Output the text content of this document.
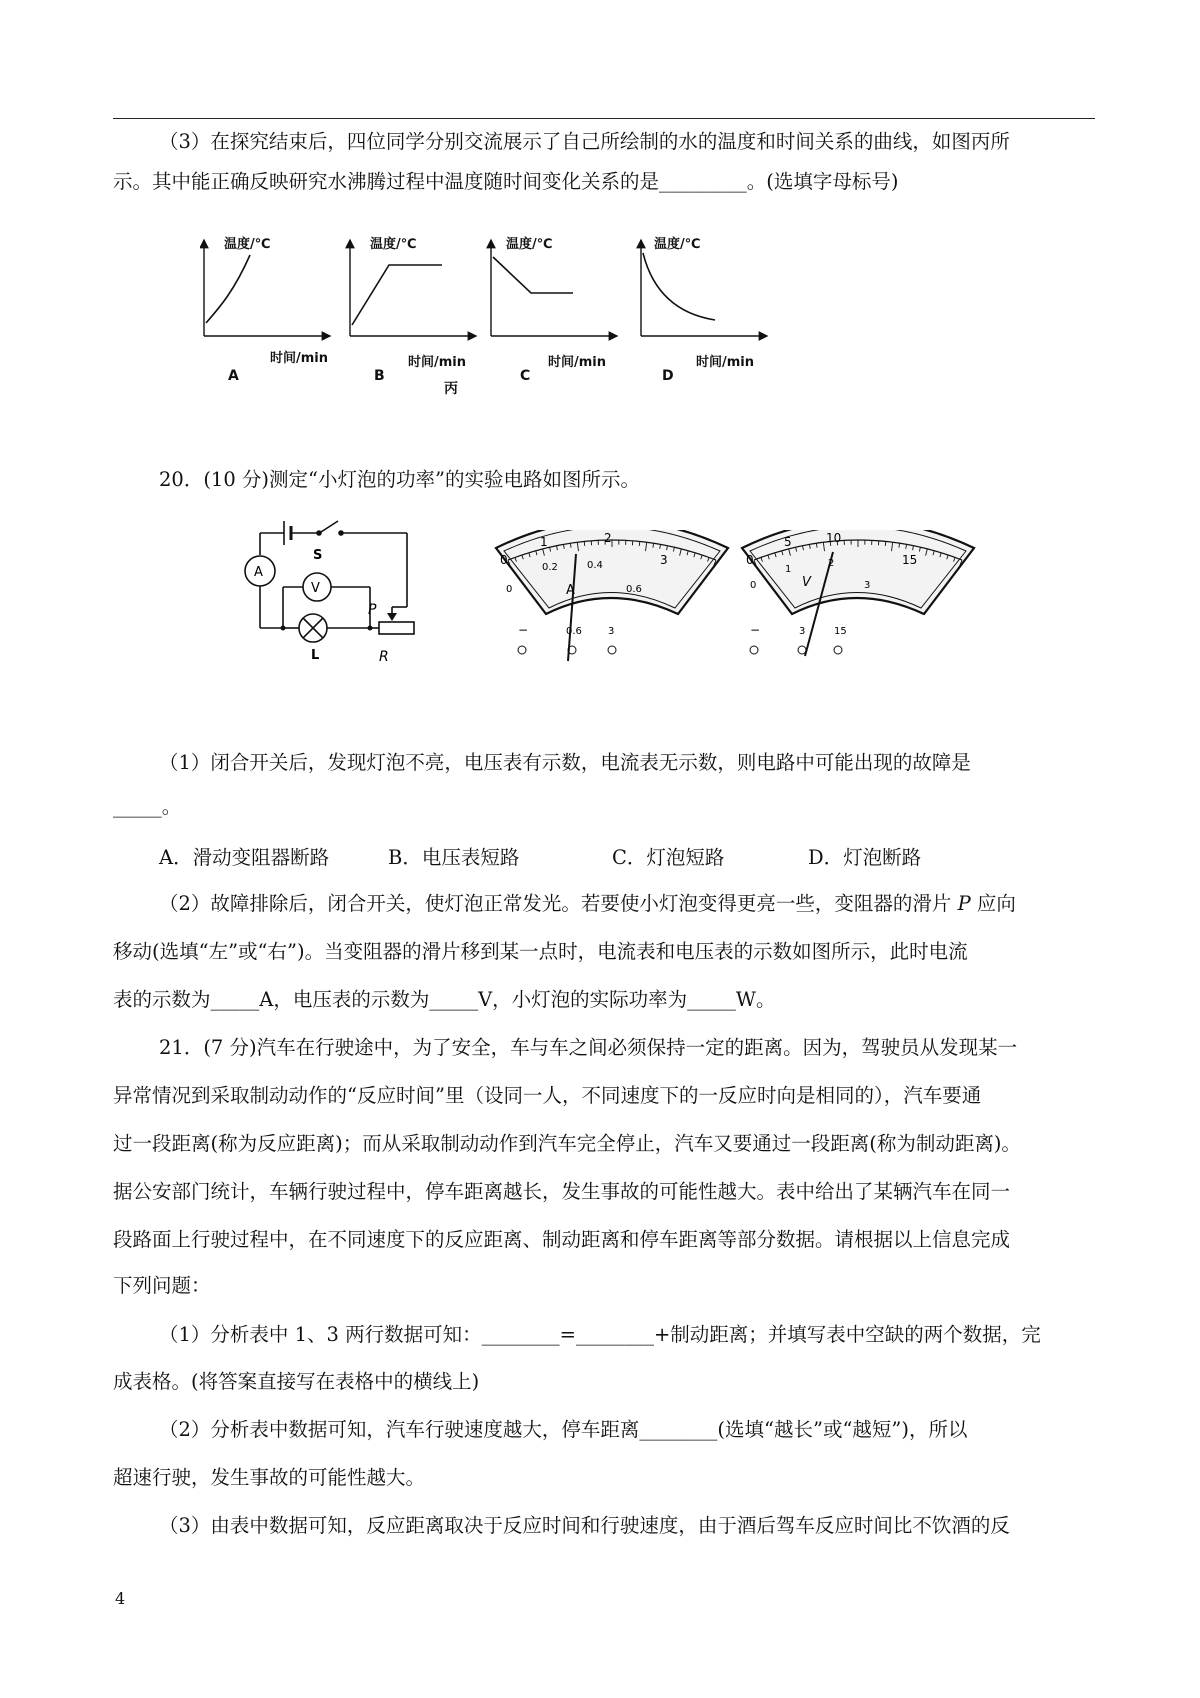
（3）在探究结束后，四位同学分别交流展示了自己所绘制的水的温度和时间关系的曲线，如图丙所

示。其中能正确反映研究水沸腾过程中温度随时间变化关系的是_________。(选填字母标号)

温度/℃
时间/min
温度/℃
时间/min
温度/℃
时间/min
温度/℃
时间/min
A	B	C	D
丙

20．(10 分)测定“小灯泡的功率”的实验电路如图所示。

A
V
S
L
P
R
0
1	2
3
0
0.2	0.4
0.6
A
−	0.6	3
0
5	10
15
0
1
2
3
V
−	3	15

（1）闭合开关后，发现灯泡不亮，电压表有示数，电流表无示数，则电路中可能出现的故障是

_____。

A．滑动变阻器断路	B．电压表短路	C．灯泡短路	D．灯泡断路

（2）故障排除后，闭合开关，使灯泡正常发光。若要使小灯泡变得更亮一些，变阻器的滑片 P 应向

移动(选填“左”或“右”)。当变阻器的滑片移到某一点时，电流表和电压表的示数如图所示，此时电流

表的示数为_____A，电压表的示数为_____V，小灯泡的实际功率为_____W。

21．(7 分)汽车在行驶途中，为了安全，车与车之间必须保持一定的距离。因为，驾驶员从发现某一

异常情况到采取制动动作的“反应时间”里（设同一人，不同速度下的一反应时向是相同的），汽车要通

过一段距离(称为反应距离)；而从采取制动动作到汽车完全停止，汽车又要通过一段距离(称为制动距离)。

据公安部门统计，车辆行驶过程中，停车距离越长，发生事故的可能性越大。表中给出了某辆汽车在同一

段路面上行驶过程中，在不同速度下的反应距离、制动距离和停车距离等部分数据。请根据以上信息完成

下列问题：

（1）分析表中 1、3 两行数据可知：________=________+制动距离；并填写表中空缺的两个数据，完

成表格。(将答案直接写在表格中的横线上)

（2）分析表中数据可知，汽车行驶速度越大，停车距离________(选填“越长”或“越短”)，所以

超速行驶，发生事故的可能性越大。

（3）由表中数据可知，反应距离取决于反应时间和行驶速度，由于酒后驾车反应时间比不饮酒的反

4
